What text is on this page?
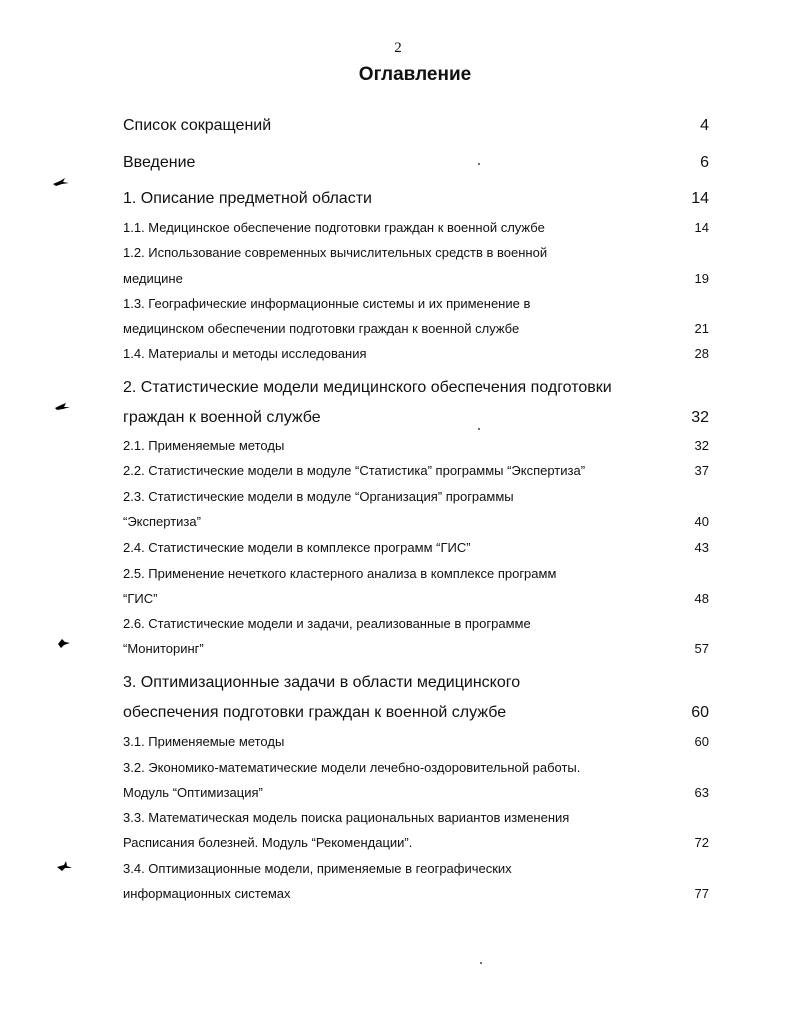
2
Оглавление
Список сокращений	4
Введение	6
1. Описание предметной области	14
1.1. Медицинское обеспечение подготовки граждан к военной службе	14
1.2. Использование современных вычислительных средств в военной
медицине	19
1.3. Географические информационные системы и их применение в
медицинском обеспечении подготовки граждан к военной службе	21
1.4. Материалы и методы исследования	28
2. Статистические модели медицинского обеспечения подготовки
граждан к военной службе	32
2.1. Применяемые методы	32
2.2. Статистические модели в модуле “Статистика” программы “Экспертиза”	37
2.3. Статистические модели в модуле “Организация” программы
“Экспертиза”	40
2.4. Статистические модели в комплексе программ “ГИС”	43
2.5. Применение нечеткого кластерного анализа в комплексе программ
“ГИС”	48
2.6. Статистические модели и задачи, реализованные в программе
“Мониторинг”	57
3. Оптимизационные задачи в области медицинского
обеспечения подготовки граждан к военной службе	60
3.1. Применяемые методы	60
3.2. Экономико-математические модели лечебно-оздоровительной работы.
Модуль “Оптимизация”	63
3.3. Математическая модель поиска рациональных вариантов изменения
Расписания болезней. Модуль “Рекомендации”.	72
3.4. Оптимизационные модели, применяемые в географических
информационных системах	77
